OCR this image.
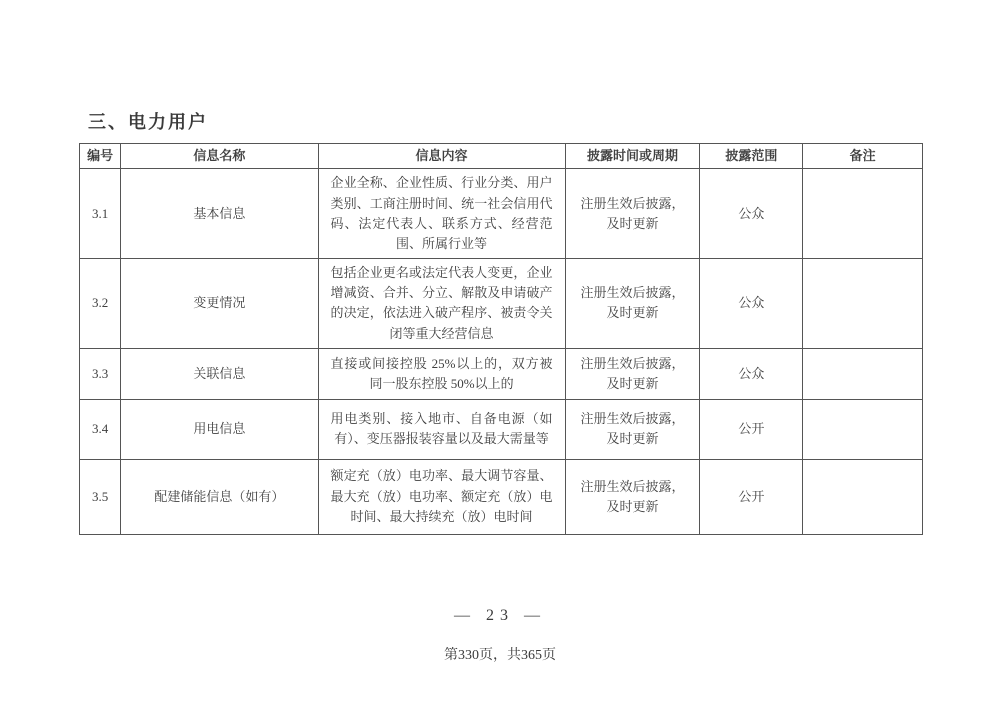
三、电力用户
编号	信息名称	信息内容	披露时间或周期	披露范围	备注
3.1	基本信息	企业全称、企业性质、行业分类、用户类别、工商注册时间、统一社会信用代码、法定代表人、联系方式、经营范围、所属行业等	注册生效后披露，及时更新	公众	
3.2	变更情况	包括企业更名或法定代表人变更，企业增减资、合并、分立、解散及申请破产的决定，依法进入破产程序、被责令关闭等重大经营信息	注册生效后披露，及时更新	公众	
3.3	关联信息	直接或间接控股 25%以上的，双方被同一股东控股 50%以上的	注册生效后披露，及时更新	公众	
3.4	用电信息	用电类别、接入地市、自备电源（如有）、变压器报装容量以及最大需量等	注册生效后披露，及时更新	公开	
3.5	配建储能信息（如有）	额定充（放）电功率、最大调节容量、最大充（放）电功率、额定充（放）电时间、最大持续充（放）电时间	注册生效后披露，及时更新	公开	
— 23 —
第330页，共365页
